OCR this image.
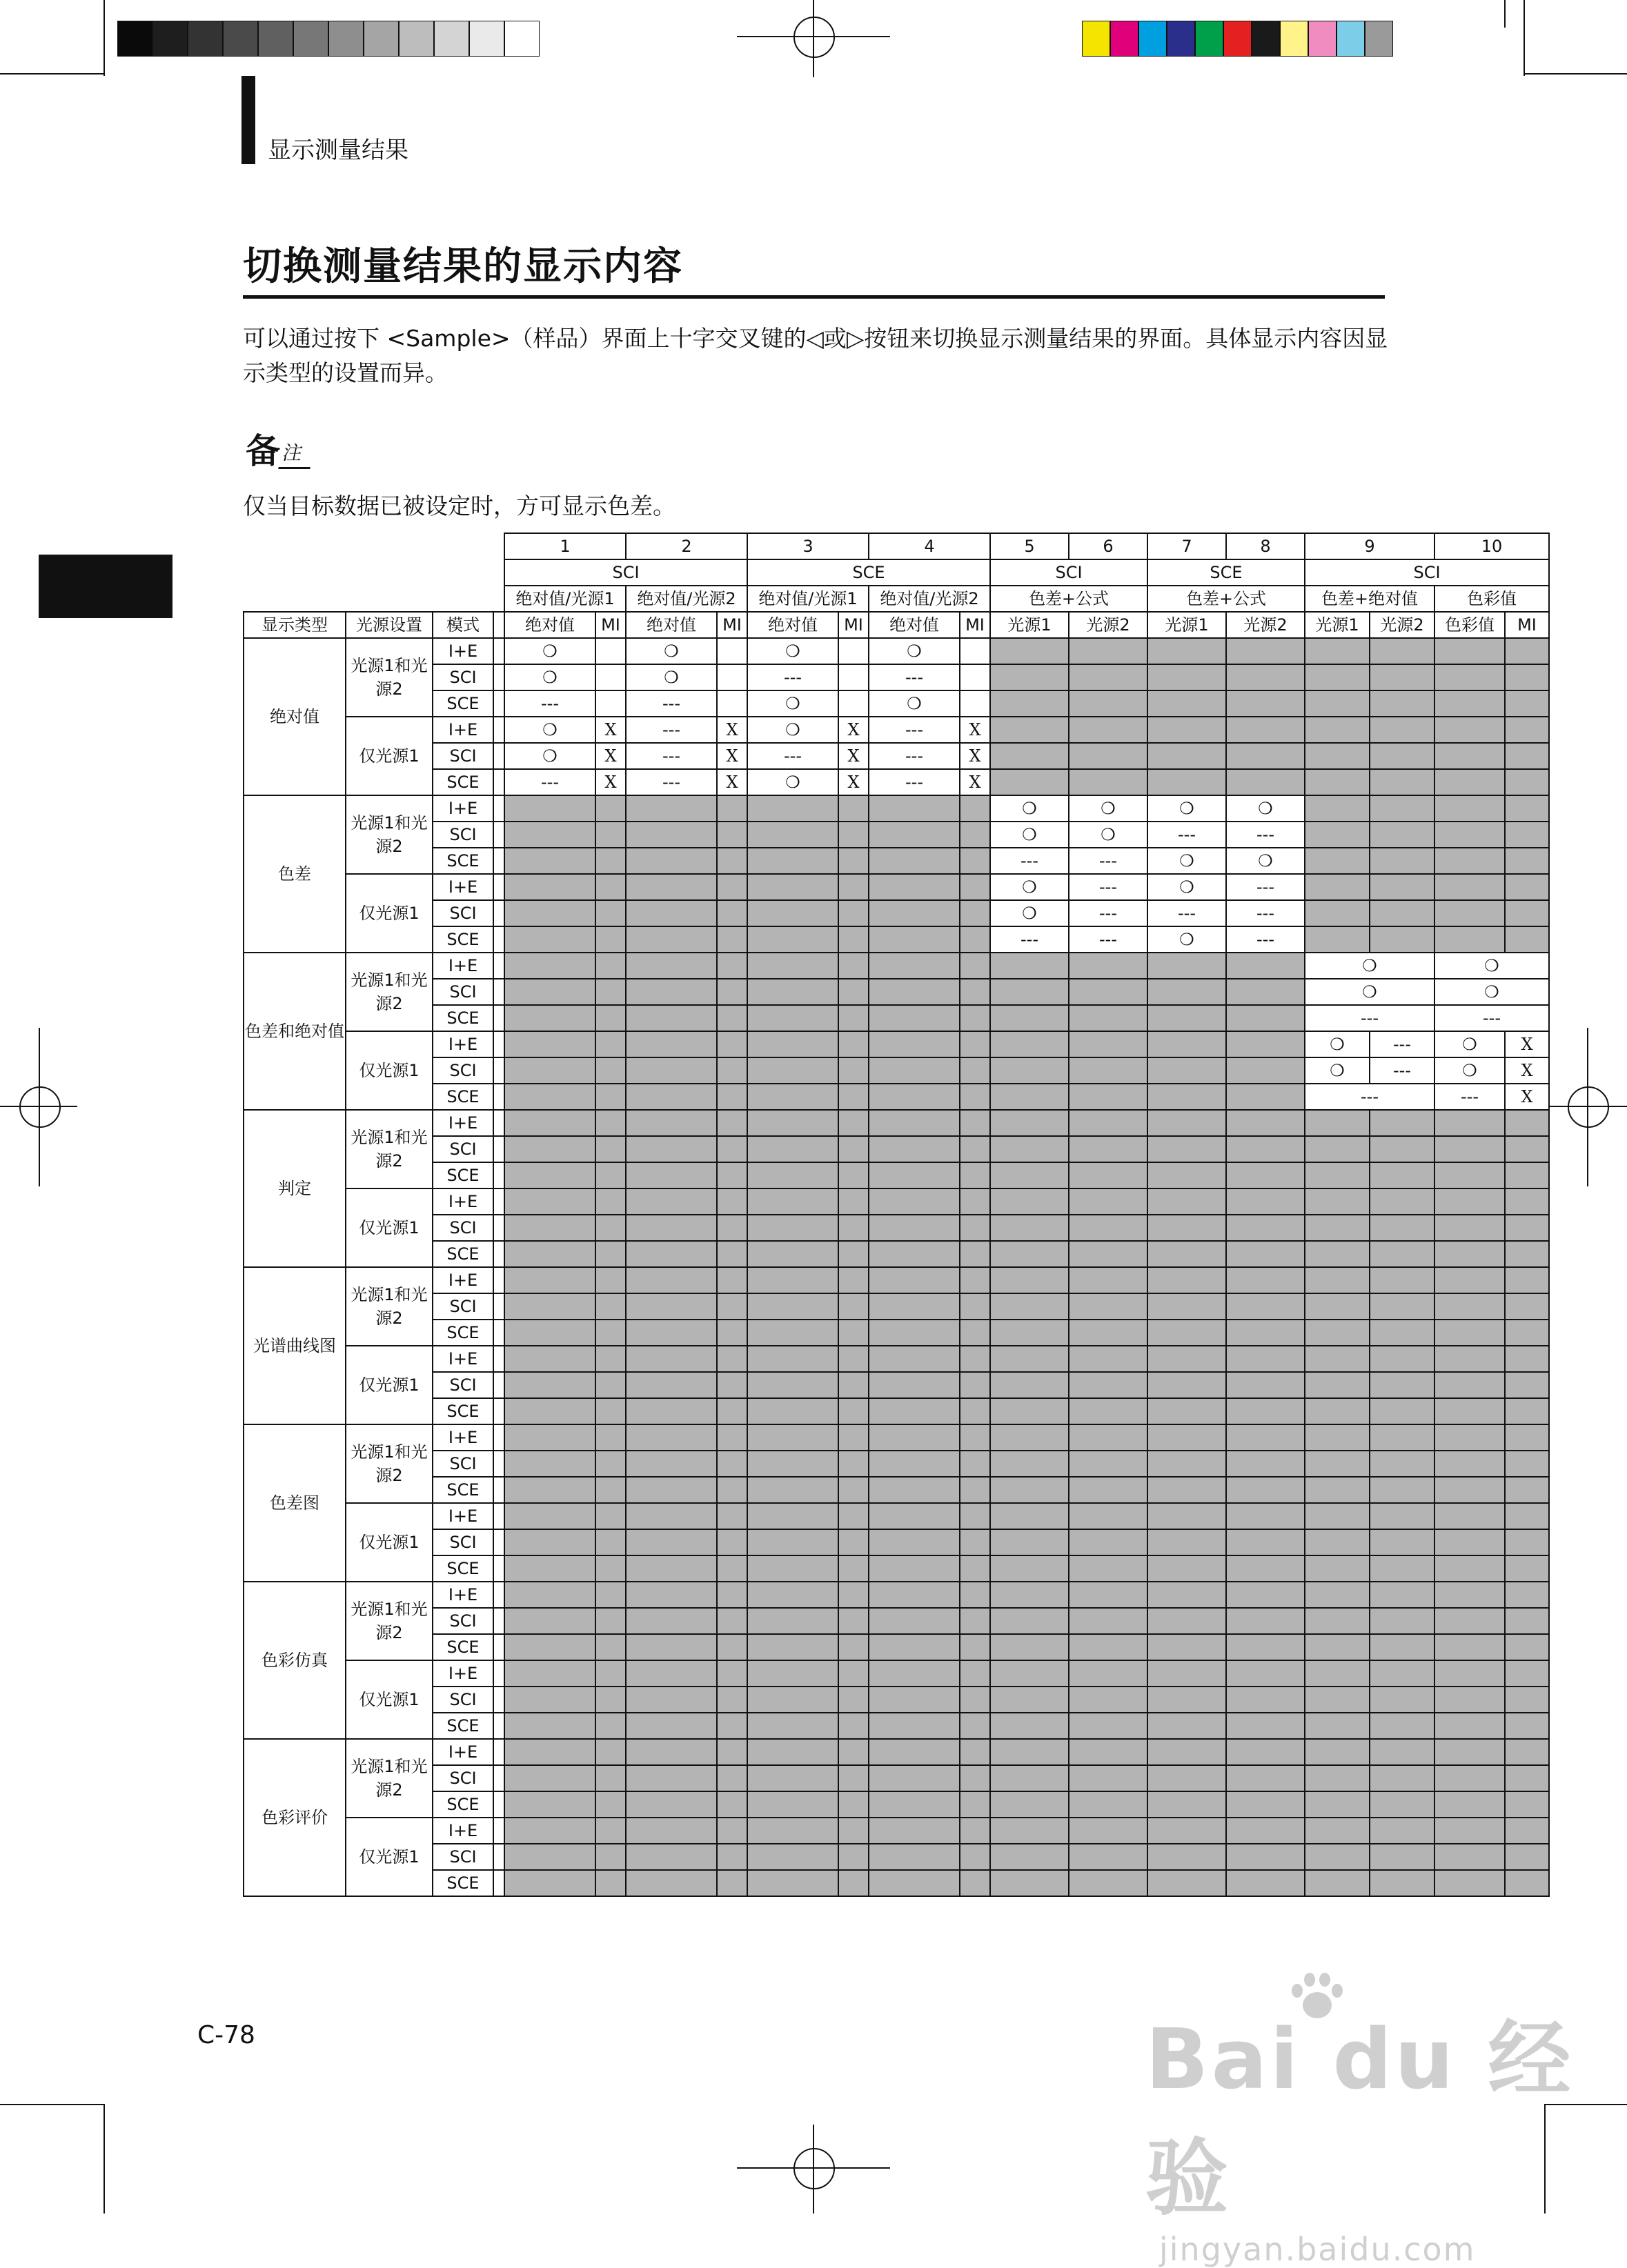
显示测量结果
切换测量结果的显示内容
可以通过按下 <Sample>（样品）界面上十字交叉键的◁或▷按钮来切换显示测量结果的界面。具体显示内容因显示类型的设置而异。
备 注
仅当目标数据已被设定时，方可显示色差。
				1		2		3		4		5	6	7	8	9		10	
				SCI				SCE				SCI		SCE		SCI			
				绝对值/光源1		绝对值/光源2		绝对值/光源1		绝对值/光源2		色差+公式		色差+公式		色差+绝对值		色彩值	
显示类型	光源设置	模式		绝对值	MI	绝对值	MI	绝对值	MI	绝对值	MI	光源1	光源2	光源1	光源2	光源1	光源2	色彩值	MI
绝对值	光源1和光源2	I+E		❍		❍		❍		❍									
		SCI		❍		❍		---		---									
		SCE		---		---		❍		❍									
	仅光源1	I+E		❍	X	---	X	❍	X	---	X								
		SCI		❍	X	---	X	---	X	---	X								
		SCE		---	X	---	X	❍	X	---	X								
色差	光源1和光源2	I+E										❍	❍	❍	❍				
		SCI										❍	❍	---	---				
		SCE										---	---	❍	❍				
	仅光源1	I+E										❍	---	❍	---				
		SCI										❍	---	---	---				
		SCE										---	---	❍	---				
色差和绝对值	光源1和光源2	I+E														❍		❍	
		SCI														❍		❍	
		SCE														---		---	
	仅光源1	I+E														❍	---	❍	X
		SCI														❍	---	❍	X
		SCE														---		---	X
判定	光源1和光源2	I+E																	
		SCI																	
		SCE																	
	仅光源1	I+E																	
		SCI																	
		SCE																	
光谱曲线图	光源1和光源2	I+E																	
		SCI																	
		SCE																	
	仅光源1	I+E																	
		SCI																	
		SCE																	
色差图	光源1和光源2	I+E																	
		SCI																	
		SCE																	
	仅光源1	I+E																	
		SCI																	
		SCE																	
色彩仿真	光源1和光源2	I+E																	
		SCI																	
		SCE																	
	仅光源1	I+E																	
		SCI																	
		SCE																	
色彩评价	光源1和光源2	I+E																	
		SCI																	
		SCE																	
	仅光源1	I+E																	
		SCI																	
		SCE																	
C-78	Bai du 经验
jingyan.baidu.com
